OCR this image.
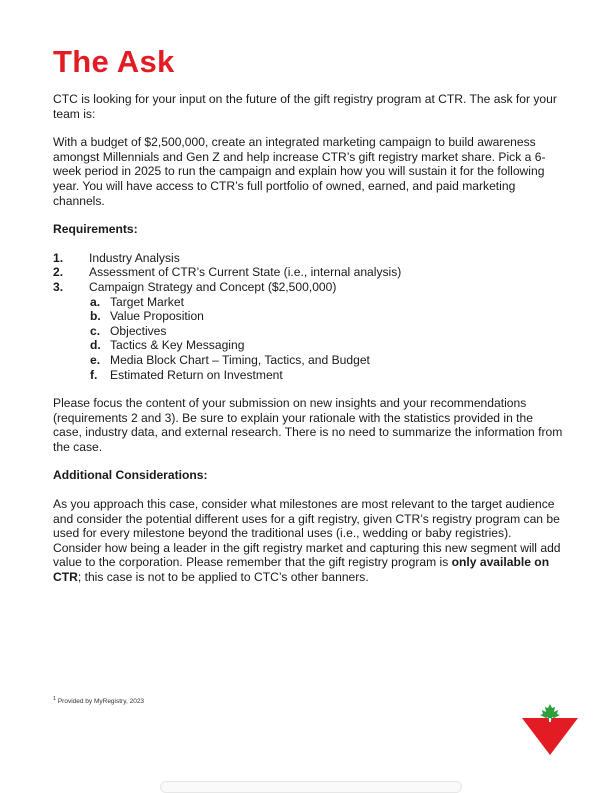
The Ask

CTC is looking for your input on the future of the gift registry program at CTR. The ask for your team is:

With a budget of $2,500,000, create an integrated marketing campaign to build awareness amongst Millennials and Gen Z and help increase CTR’s gift registry market share. Pick a 6-week period in 2025 to run the campaign and explain how you will sustain it for the following year. You will have access to CTR’s full portfolio of owned, earned, and paid marketing channels.

Requirements:

1. Industry Analysis
2. Assessment of CTR’s Current State (i.e., internal analysis)
3. Campaign Strategy and Concept ($2,500,000)
a. Target Market
b. Value Proposition
c. Objectives
d. Tactics & Key Messaging
e. Media Block Chart – Timing, Tactics, and Budget
f. Estimated Return on Investment

Please focus the content of your submission on new insights and your recommendations (requirements 2 and 3). Be sure to explain your rationale with the statistics provided in the case, industry data, and external research. There is no need to summarize the information from the case.

Additional Considerations:

As you approach this case, consider what milestones are most relevant to the target audience and consider the potential different uses for a gift registry, given CTR’s registry program can be used for every milestone beyond the traditional uses (i.e., wedding or baby registries). Consider how being a leader in the gift registry market and capturing this new segment will add value to the corporation. Please remember that the gift registry program is only available on CTR; this case is not to be applied to CTC’s other banners.

$^1$ Provided by MyRegistry, 2023
